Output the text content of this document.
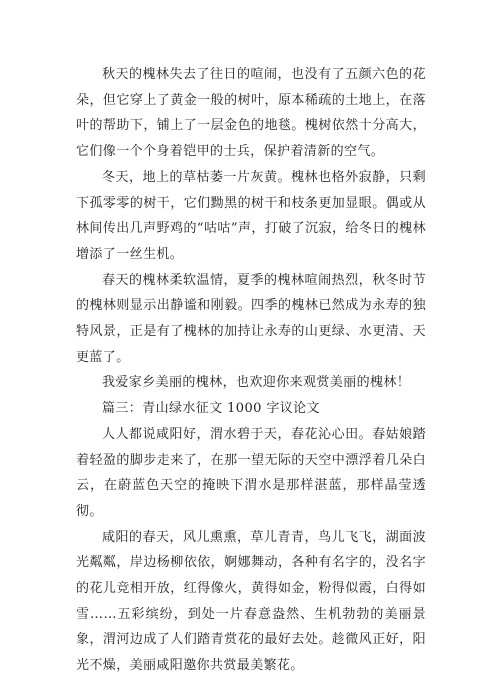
秋天的槐林失去了往日的喧闹，也没有了五颜六色的花朵，但它穿上了黄金一般的树叶，原本稀疏的土地上，在落叶的帮助下，铺上了一层金色的地毯。槐树依然十分高大，它们像一个个身着铠甲的士兵，保护着清新的空气。

冬天，地上的草枯萎一片灰黄。槐林也格外寂静，只剩下孤零零的树干，它们黝黑的树干和枝条更加显眼。偶或从林间传出几声野鸡的“咕咕”声，打破了沉寂，给冬日的槐林增添了一丝生机。

春天的槐林柔软温情，夏季的槐林喧闹热烈，秋冬时节的槐林则显示出静谧和刚毅。四季的槐林已然成为永寿的独特风景，正是有了槐林的加持让永寿的山更绿、水更清、天更蓝了。

我爱家乡美丽的槐林，也欢迎你来观赏美丽的槐林！

篇三：青山绿水征文 1000 字议论文

人人都说咸阳好，渭水碧于天，春花沁心田。春姑娘踏着轻盈的脚步走来了，在那一望无际的天空中漂浮着几朵白云，在蔚蓝色天空的掩映下渭水是那样湛蓝，那样晶莹透彻。

咸阳的春天，风儿熏熏，草儿青青，鸟儿飞飞，湖面波光粼粼，岸边杨柳依依，婀娜舞动，各种有名字的，没名字的花儿竞相开放，红得像火，黄得如金，粉得似霞，白得如雪……五彩缤纷，到处一片春意盎然、生机勃勃的美丽景象，渭河边成了人们踏青赏花的最好去处。趁微风正好，阳光不燥，美丽咸阳邀你共赏最美繁花。
